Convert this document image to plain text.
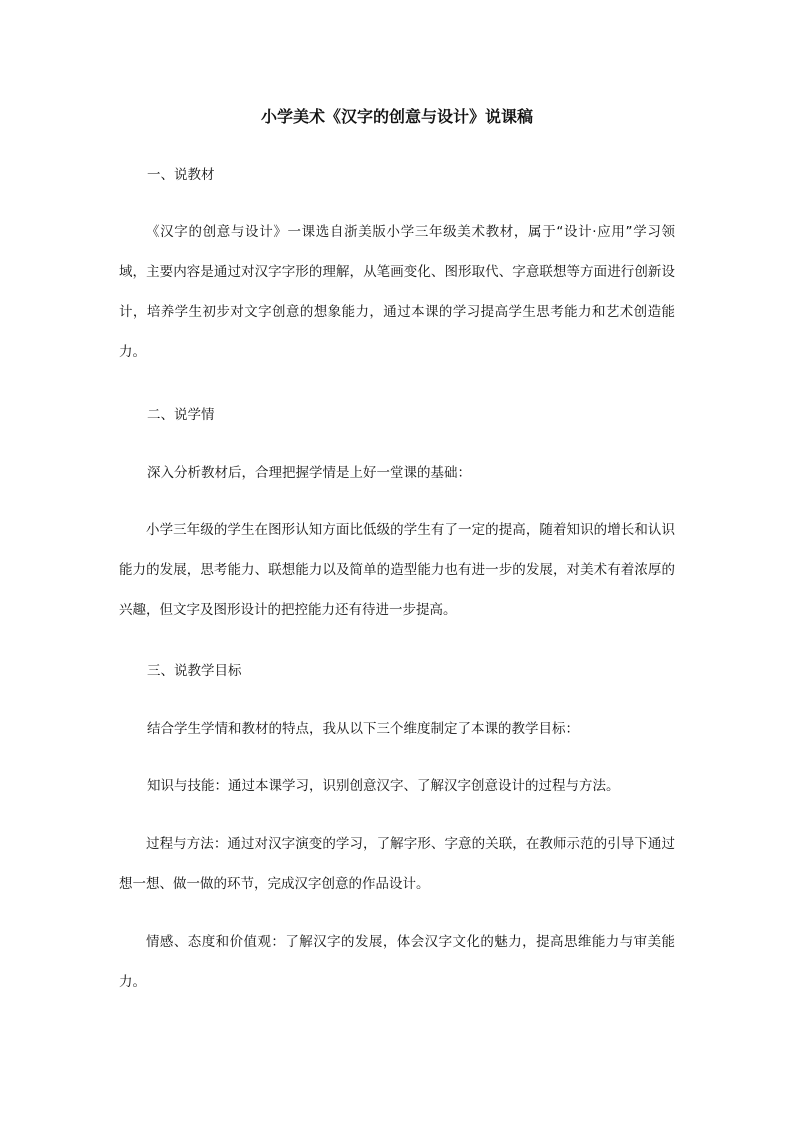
小学美术《汉字的创意与设计》说课稿
一、说教材

《汉字的创意与设计》一课选自浙美版小学三年级美术教材，属于“设计·应用”学习领域，主要内容是通过对汉字字形的理解，从笔画变化、图形取代、字意联想等方面进行创新设计，培养学生初步对文字创意的想象能力，通过本课的学习提高学生思考能力和艺术创造能力。

二、说学情
深入分析教材后，合理把握学情是上好一堂课的基础：

小学三年级的学生在图形认知方面比低级的学生有了一定的提高，随着知识的增长和认识能力的发展，思考能力、联想能力以及简单的造型能力也有进一步的发展，对美术有着浓厚的兴趣，但文字及图形设计的把控能力还有待进一步提高。

三、说教学目标
结合学生学情和教材的特点，我从以下三个维度制定了本课的教学目标：
知识与技能：通过本课学习，识别创意汉字、了解汉字创意设计的过程与方法。

过程与方法：通过对汉字演变的学习，了解字形、字意的关联，在教师示范的引导下通过想一想、做一做的环节，完成汉字创意的作品设计。

情感、态度和价值观：了解汉字的发展，体会汉字文化的魅力，提高思维能力与审美能力。
